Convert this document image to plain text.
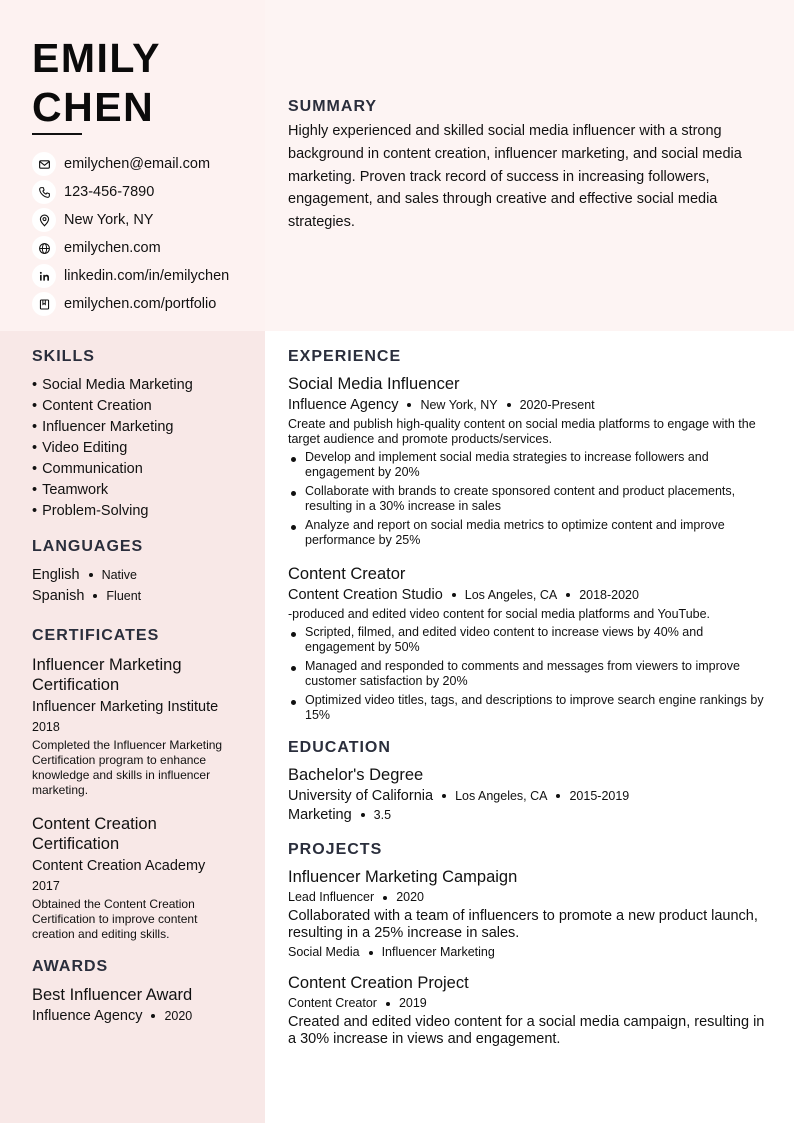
EMILY
CHEN
emilychen@email.com
123-456-7890
New York, NY
emilychen.com
linkedin.com/in/emilychen
emilychen.com/portfolio
SUMMARY

Highly experienced and skilled social media influencer with a strong background in content creation, influencer marketing, and social media marketing. Proven track record of success in increasing followers, engagement, and sales through creative and effective social media strategies.

SKILLS
• Social Media Marketing
• Content Creation
• Influencer Marketing
• Video Editing
• Communication
• Teamwork
• Problem-Solving
LANGUAGES
English Native
Spanish Fluent
CERTIFICATES
Influencer Marketing Certification
Influencer Marketing Institute
2018
Completed the Influencer Marketing Certification program to enhance knowledge and skills in influencer marketing.
Content Creation Certification
Content Creation Academy
2017
Obtained the Content Creation Certification to improve content creation and editing skills.
AWARDS
Best Influencer Award
Influence Agency 2020
EXPERIENCE
Social Media Influencer
Influence Agency New York, NY 2020-Present
Create and publish high-quality content on social media platforms to engage with the target audience and promote products/services.
Develop and implement social media strategies to increase followers and engagement by 20%
Collaborate with brands to create sponsored content and product placements, resulting in a 30% increase in sales
Analyze and report on social media metrics to optimize content and improve performance by 25%
Content Creator
Content Creation Studio Los Angeles, CA 2018-2020
-produced and edited video content for social media platforms and YouTube.
Scripted, filmed, and edited video content to increase views by 40% and engagement by 50%
Managed and responded to comments and messages from viewers to improve customer satisfaction by 20%
Optimized video titles, tags, and descriptions to improve search engine rankings by 15%
EDUCATION
Bachelor's Degree
University of California Los Angeles, CA 2015-2019
Marketing 3.5
PROJECTS
Influencer Marketing Campaign
Lead Influencer 2020
Collaborated with a team of influencers to promote a new product launch, resulting in a 25% increase in sales.
Social Media Influencer Marketing
Content Creation Project
Content Creator 2019
Created and edited video content for a social media campaign, resulting in a 30% increase in views and engagement.
